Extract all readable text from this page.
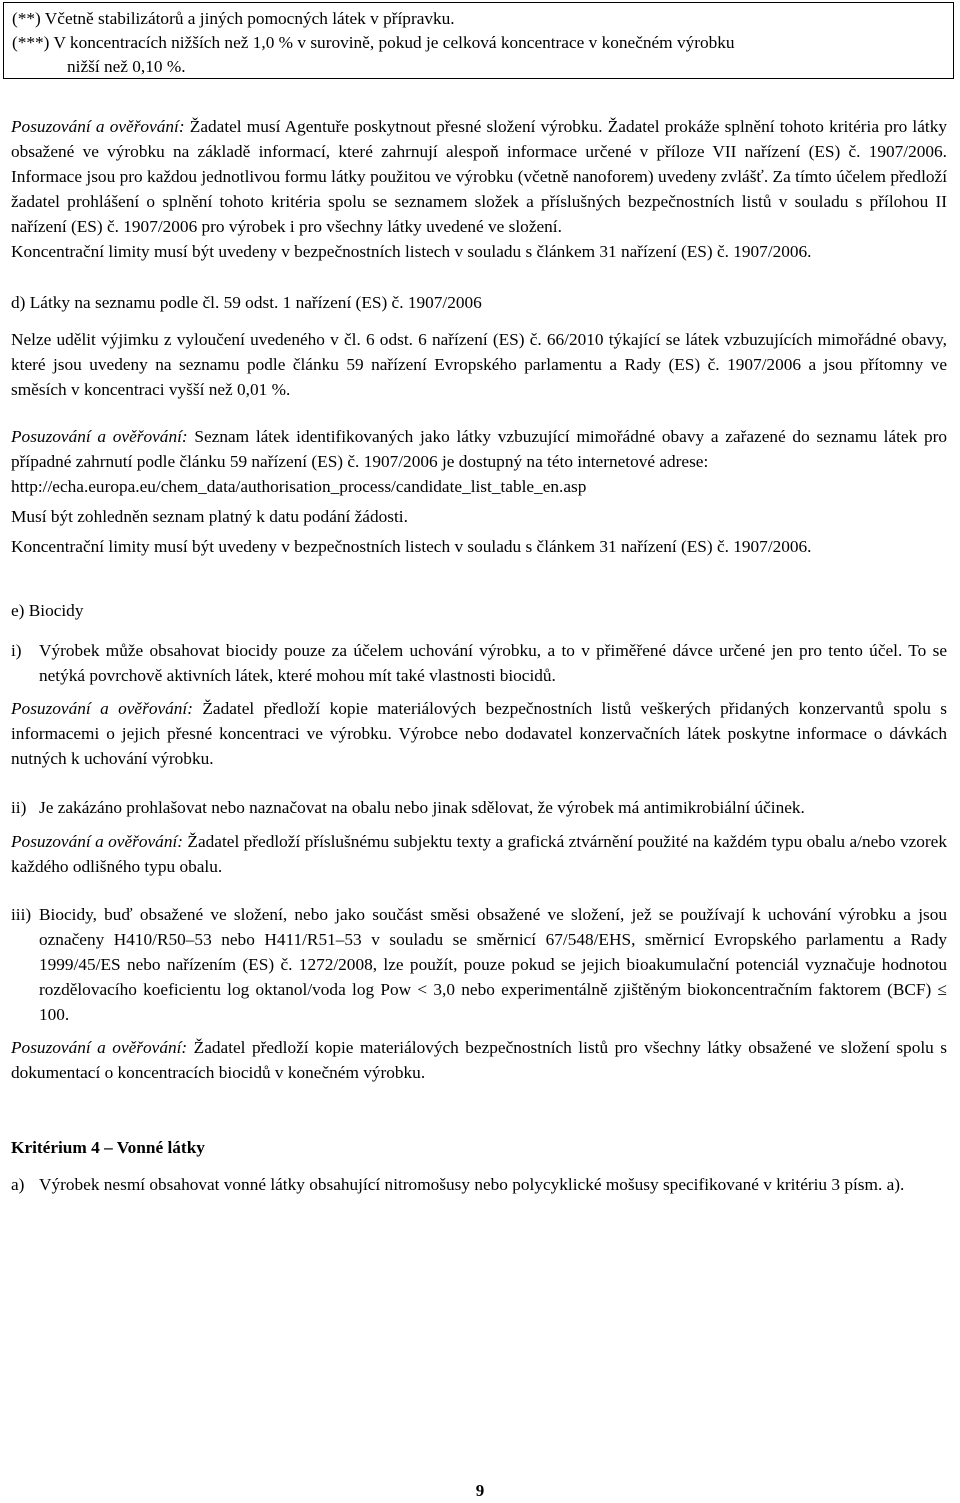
(**) Včetně stabilizátorů a jiných pomocných látek v přípravku.

(***) V koncentracích nižších než 1,0 % v surovině, pokud je celková koncentrace v konečném výrobku

nižší než 0,10 %.

Posuzování a ověřování: Žadatel musí Agentuře poskytnout přesné složení výrobku. Žadatel prokáže splnění tohoto kritéria pro látky obsažené ve výrobku na základě informací, které zahrnují alespoň informace určené v příloze VII nařízení (ES) č. 1907/2006. Informace jsou pro každou jednotlivou formu látky použitou ve výrobku (včetně nanoforem) uvedeny zvlášť. Za tímto účelem předloží žadatel prohlášení o splnění tohoto kritéria spolu se seznamem složek a příslušných bezpečnostních listů v souladu s přílohou II nařízení (ES) č. 1907/2006 pro výrobek i pro všechny látky uvedené ve složení.

Koncentrační limity musí být uvedeny v bezpečnostních listech v souladu s článkem 31 nařízení (ES) č. 1907/2006.

d) Látky na seznamu podle čl. 59 odst. 1 nařízení (ES) č. 1907/2006

Nelze udělit výjimku z vyloučení uvedeného v čl. 6 odst. 6 nařízení (ES) č. 66/2010 týkající se látek vzbuzujících mimořádné obavy, které jsou uvedeny na seznamu podle článku 59 nařízení Evropského parlamentu a Rady (ES) č. 1907/2006 a jsou přítomny ve směsích v koncentraci vyšší než 0,01 %.

Posuzování a ověřování: Seznam látek identifikovaných jako látky vzbuzující mimořádné obavy a zařazené do seznamu látek pro případné zahrnutí podle článku 59 nařízení (ES) č. 1907/2006 je dostupný na této internetové adrese:

http://echa.europa.eu/chem_data/authorisation_process/candidate_list_table_en.asp

Musí být zohledněn seznam platný k datu podání žádosti.

Koncentrační limity musí být uvedeny v bezpečnostních listech v souladu s článkem 31 nařízení (ES) č. 1907/2006.

e) Biocidy

i) Výrobek může obsahovat biocidy pouze za účelem uchování výrobku, a to v přiměřené dávce určené jen pro tento účel. To se netýká povrchově aktivních látek, které mohou mít také vlastnosti biocidů.

Posuzování a ověřování: Žadatel předloží kopie materiálových bezpečnostních listů veškerých přidaných konzervantů spolu s informacemi o jejich přesné koncentraci ve výrobku. Výrobce nebo dodavatel konzervačních látek poskytne informace o dávkách nutných k uchování výrobku.

ii) Je zakázáno prohlašovat nebo naznačovat na obalu nebo jinak sdělovat, že výrobek má antimikrobiální účinek.

Posuzování a ověřování: Žadatel předloží příslušnému subjektu texty a grafická ztvárnění použité na každém typu obalu a/nebo vzorek každého odlišného typu obalu.

iii) Biocidy, buď obsažené ve složení, nebo jako součást směsi obsažené ve složení, jež se používají k uchování výrobku a jsou označeny H410/R50–53 nebo H411/R51–53 v souladu se směrnicí 67/548/EHS, směrnicí Evropského parlamentu a Rady 1999/45/ES nebo nařízením (ES) č. 1272/2008, lze použít, pouze pokud se jejich bioakumulační potenciál vyznačuje hodnotou rozdělovacího koeficientu log oktanol/voda log Pow < 3,0 nebo experimentálně zjištěným biokoncentračním faktorem (BCF) ≤ 100.

Posuzování a ověřování: Žadatel předloží kopie materiálových bezpečnostních listů pro všechny látky obsažené ve složení spolu s dokumentací o koncentracích biocidů v konečném výrobku.

Kritérium 4 – Vonné látky

a) Výrobek nesmí obsahovat vonné látky obsahující nitromošusy nebo polycyklické mošusy specifikované v kritériu 3 písm. a).

9
